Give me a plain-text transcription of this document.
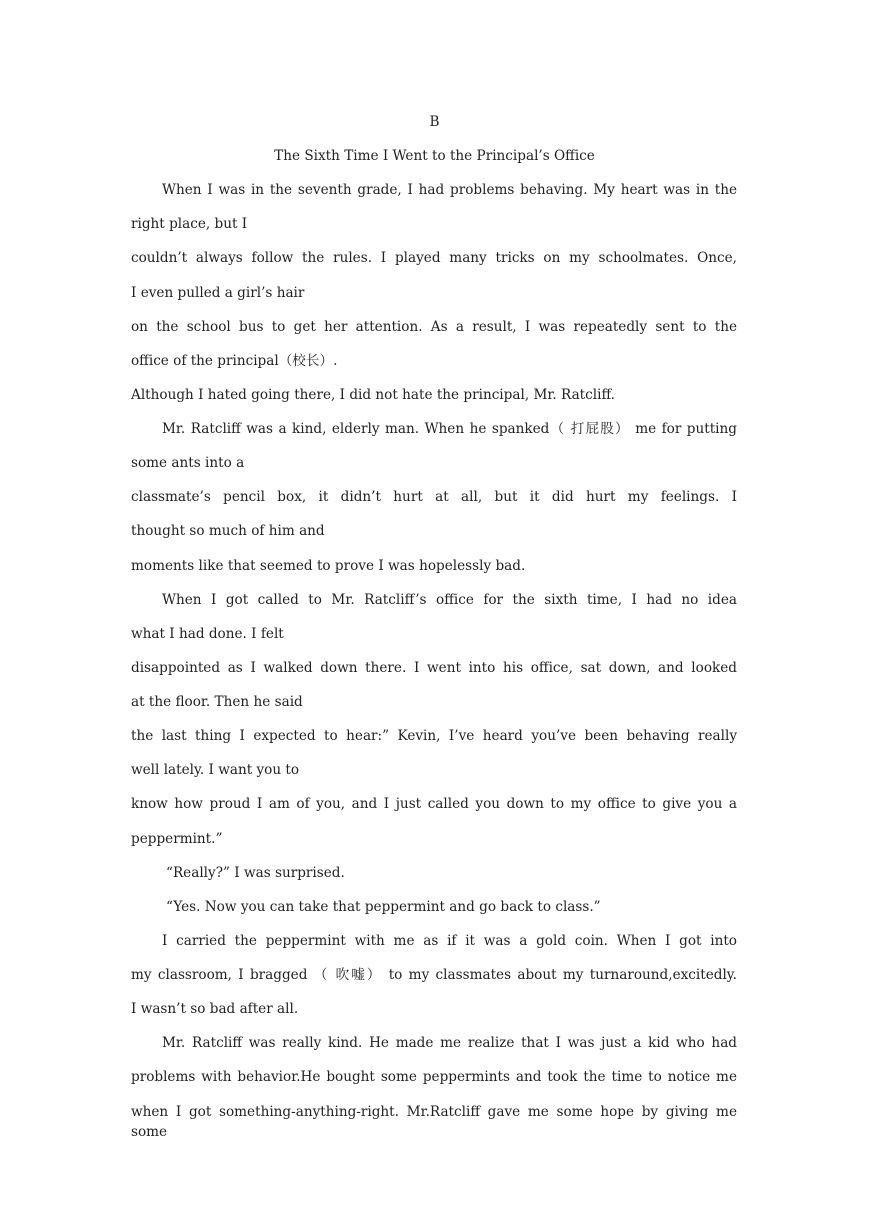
B
The Sixth Time I Went to the Principal’s Office
When I was in the seventh grade, I had problems behaving. My heart was in the
right place, but I
couldn’t always follow the rules. I played many tricks on my schoolmates. Once,
I even pulled a girl’s hair
on the school bus to get her attention. As a result, I was repeatedly sent to the
office of the principal（校长）.
Although I hated going there, I did not hate the principal, Mr. Ratcliff.
Mr. Ratcliff was a kind, elderly man. When he spanked（ 打屁股） me for putting
some ants into a
classmate’s pencil box, it didn’t hurt at all, but it did hurt my feelings. I
thought so much of him and
moments like that seemed to prove I was hopelessly bad.
When I got called to Mr. Ratcliff’s office for the sixth time, I had no idea
what I had done. I felt
disappointed as I walked down there. I went into his office, sat down, and looked
at the floor. Then he said
the last thing I expected to hear:” Kevin, I’ve heard you’ve been behaving really
well lately. I want you to
know how proud I am of you, and I just called you down to my office to give you a
peppermint.”
“Really?” I was surprised.
“Yes. Now you can take that peppermint and go back to class.”
I carried the peppermint with me as if it was a gold coin. When I got into
my classroom, I bragged （ 吹嘘） to my classmates about my turnaround,excitedly.
I wasn’t so bad after all.
Mr. Ratcliff was really kind. He made me realize that I was just a kid who had
problems with behavior.He bought some peppermints and took the time to notice me
when I got something-anything-right. Mr.Ratcliff gave me some hope by giving me some
